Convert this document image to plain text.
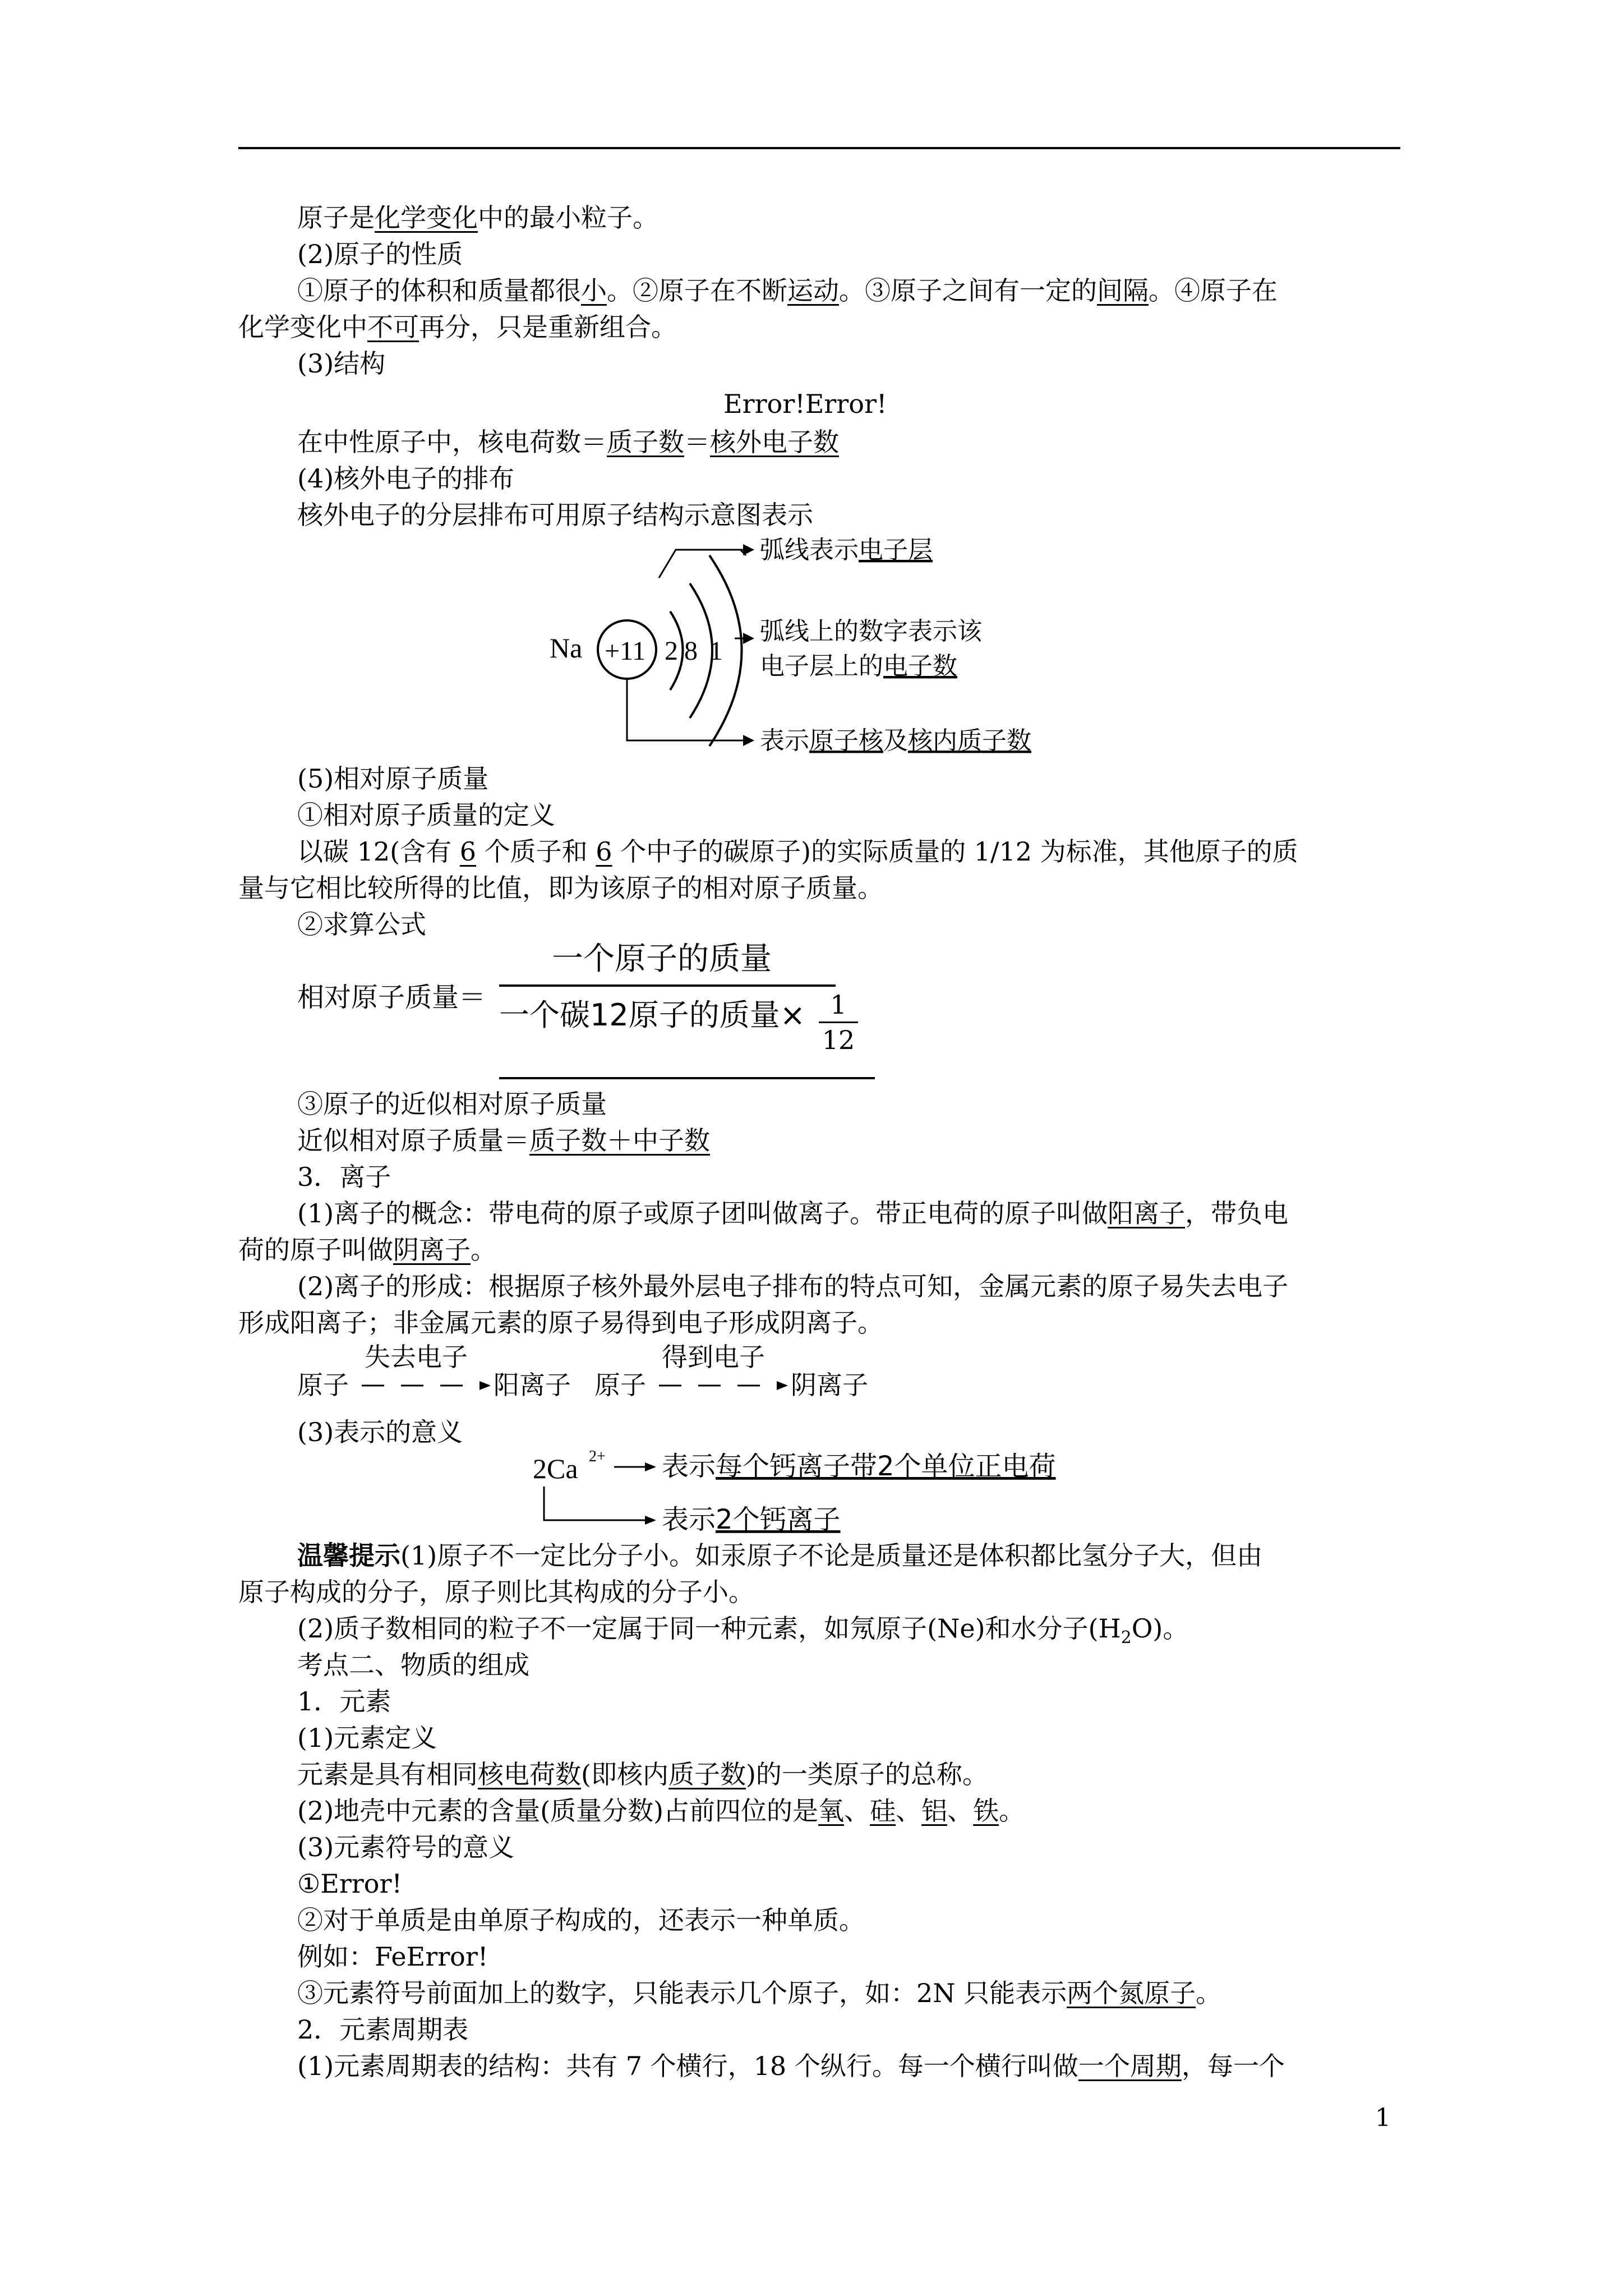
原子是化学变化中的最小粒子。
(2)原子的性质
①原子的体积和质量都很小。②原子在不断运动。③原子之间有一定的间隔。④原子在
化学变化中不可再分，只是重新组合。
(3)结构
Error!Error!
在中性原子中，核电荷数＝质子数＝核外电子数
(4)核外电子的排布
核外电子的分层排布可用原子结构示意图表示
Na +11 2 8 1
弧线表示电子层
弧线上的数字表示该
电子层上的电子数
表示原子核及核内质子数
(5)相对原子质量
①相对原子质量的定义
以碳 12(含有 6 个质子和 6 个中子的碳原子)的实际质量的 1/12 为标准，其他原子的质
量与它相比较所得的比值，即为该原子的相对原子质量。
②求算公式
相对原子质量＝
一个原子的质量
一个碳12原子的质量× 1
12
③原子的近似相对原子质量
近似相对原子质量＝质子数＋中子数
3．离子
(1)离子的概念：带电荷的原子或原子团叫做离子。带正电荷的原子叫做阳离子，带负电
荷的原子叫做阴离子。
(2)离子的形成：根据原子核外最外层电子排布的特点可知，金属元素的原子易失去电子
形成阳离子；非金属元素的原子易得到电子形成阴离子。
原子
失去电子
阳离子 原子
得到电子
阴离子
(3)表示的意义
2Ca 2+ 表示每个钙离子带2个单位正电荷
表示2个钙离子
温馨提示(1)原子不一定比分子小。如汞原子不论是质量还是体积都比氢分子大，但由
原子构成的分子，原子则比其构成的分子小。
(2)质子数相同的粒子不一定属于同一种元素，如氖原子(Ne)和水分子$(H_2O)$。
考点二、物质的组成
1．元素
(1)元素定义
元素是具有相同核电荷数(即核内质子数)的一类原子的总称。
(2)地壳中元素的含量(质量分数)占前四位的是氧、硅、铝、铁。
(3)元素符号的意义
①Error!
②对于单质是由单原子构成的，还表示一种单质。
例如：FeError!
③元素符号前面加上的数字，只能表示几个原子，如：2N 只能表示两个氮原子。
2．元素周期表
(1)元素周期表的结构：共有 7 个横行，18 个纵行。每一个横行叫做一个周期，每一个
1
